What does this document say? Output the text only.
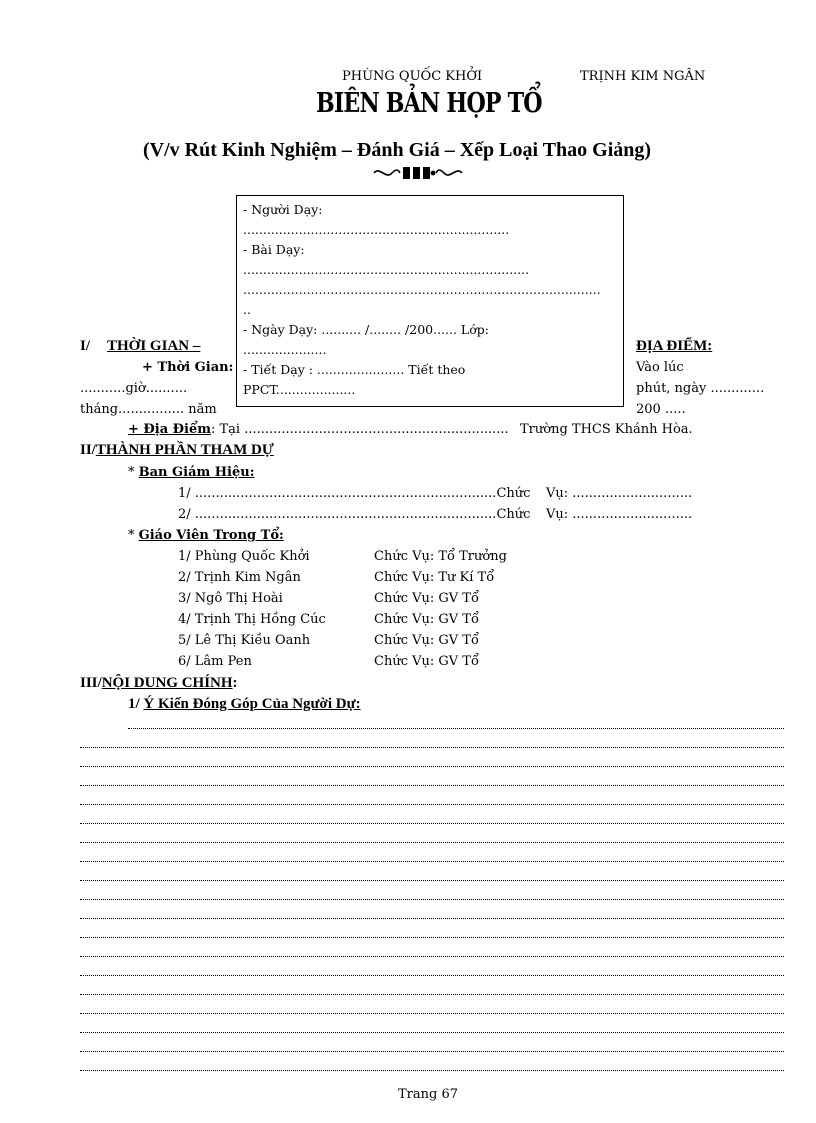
PHÙNG QUỐC KHỞI	TRỊNH KIM NGÂN
BIÊN BẢN HỌP TỔ
(V/v Rút Kinh Nghiệm – Đánh Giá – Xếp Loại Thao Giảng)
I/ THỜI GIAN –	ĐỊA ĐIỂM:
+ Thời Gian:	Vào lúc
...........giờ..........	phút, ngày .............
tháng................ năm	200 .....
+ Địa Điểm: Tại ................................................................ Trường THCS Khánh Hòa.
- Người Dạy:
...................................................................
- Bài Dạy:
........................................................................
..........................................................................................
..
- Ngày Dạy: .......... /........ /200...... Lớp:
.....................
- Tiết Dạy : ...................... Tiết theo
PPCT....................
II/THÀNH PHẦN THAM DỰ
* Ban Giám Hiệu:
1/ .........................................................................Chức Vụ: .............................
2/ .........................................................................Chức Vụ: .............................
* Giáo Viên Trong Tổ:
1/ Phùng Quốc Khởi	Chức Vụ: Tổ Trưởng
2/ Trịnh Kim Ngân	Chức Vụ: Tư Kí Tổ
3/ Ngô Thị Hoài	Chức Vụ: GV Tổ
4/ Trịnh Thị Hồng Cúc	Chức Vụ: GV Tổ
5/ Lê Thị Kiều Oanh	Chức Vụ: GV Tổ
6/ Lâm Pen	Chức Vụ: GV Tổ
III/NỘI DUNG CHÍNH:
1/ Ý Kiến Đóng Góp Của Người Dự:
Trang 67
